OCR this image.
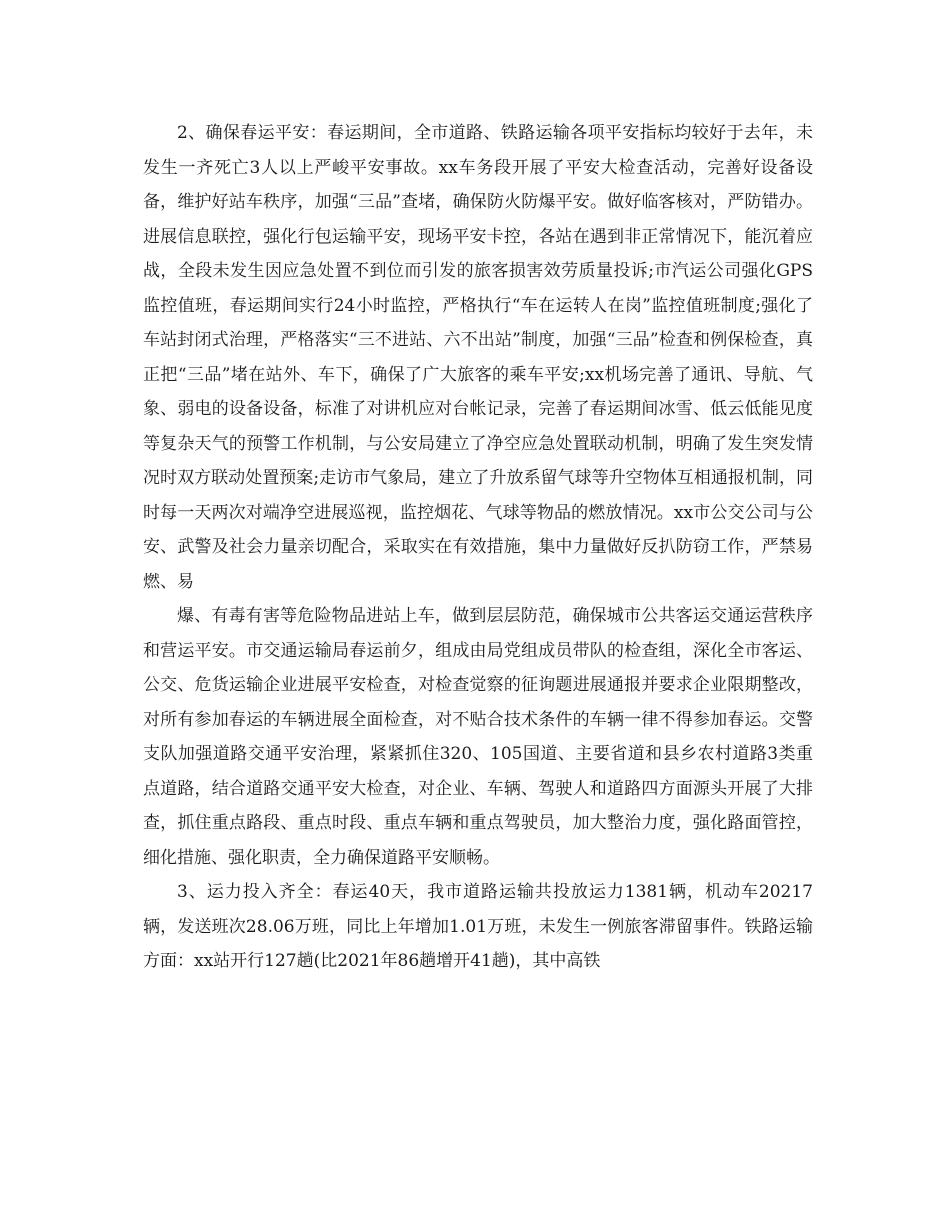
2、确保春运平安：春运期间，全市道路、铁路运输各项平安指标均较好于去年，未发生一齐死亡3人以上严峻平安事故。xx车务段开展了平安大检查活动，完善好设备设备，维护好站车秩序，加强“三品”查堵，确保防火防爆平安。做好临客核对，严防错办。进展信息联控，强化行包运输平安，现场平安卡控，各站在遇到非正常情况下，能沉着应战，全段未发生因应急处置不到位而引发的旅客损害效劳质量投诉;市汽运公司强化GPS监控值班，春运期间实行24小时监控，严格执行“车在运转人在岗”监控值班制度;强化了车站封闭式治理，严格落实“三不进站、六不出站”制度，加强“三品”检查和例保检查，真正把“三品”堵在站外、车下，确保了广大旅客的乘车平安;xx机场完善了通讯、导航、气象、弱电的设备设备，标准了对讲机应对台帐记录，完善了春运期间冰雪、低云低能见度等复杂天气的预警工作机制，与公安局建立了净空应急处置联动机制，明确了发生突发情况时双方联动处置预案;走访市气象局，建立了升放系留气球等升空物体互相通报机制，同时每一天两次对端净空进展巡视，监控烟花、气球等物品的燃放情况。xx市公交公司与公安、武警及社会力量亲切配合，采取实在有效措施，集中力量做好反扒防窃工作，严禁易燃、易

爆、有毒有害等危险物品进站上车，做到层层防范，确保城市公共客运交通运营秩序和营运平安。市交通运输局春运前夕，组成由局党组成员带队的检查组，深化全市客运、公交、危货运输企业进展平安检查，对检查觉察的征询题进展通报并要求企业限期整改，对所有参加春运的车辆进展全面检查，对不贴合技术条件的车辆一律不得参加春运。交警支队加强道路交通平安治理，紧紧抓住320、105国道、主要省道和县乡农村道路3类重点道路，结合道路交通平安大检查，对企业、车辆、驾驶人和道路四方面源头开展了大排查，抓住重点路段、重点时段、重点车辆和重点驾驶员，加大整治力度，强化路面管控，细化措施、强化职责，全力确保道路平安顺畅。

3、运力投入齐全：春运40天，我市道路运输共投放运力1381辆，机动车20217辆，发送班次28.06万班，同比上年增加1.01万班，未发生一例旅客滞留事件。铁路运输方面：xx站开行127趟(比2021年86趟增开41趟)，其中高铁
